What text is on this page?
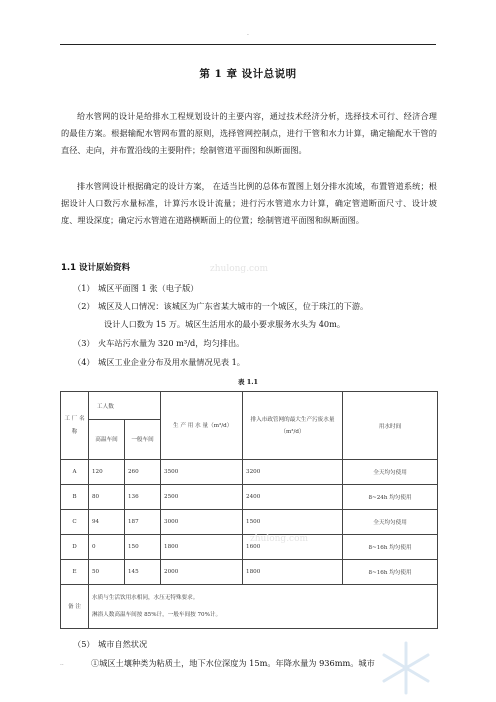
.
第 1 章 设计总说明
给水管网的设计是给排水工程规划设计的主要内容，通过技术经济分析，选择技术可行、经济合理的最佳方案。根据输配水管网布置的原则，选择管网控制点，进行干管和水力计算，确定输配水干管的直径、走向，并布置沿线的主要附件；绘制管道平面图和纵断面图。
排水管网设计根据确定的设计方案， 在适当比例的总体布置图上划分排水流域，布置管道系统；根据设计人口数污水量标准，计算污水设计流量；进行污水管道水力计算，确定管道断面尺寸、设计坡度、埋设深度；确定污水管道在道路横断面上的位置；绘制管道平面图和纵断面图。
1.1 设计原始资料
（1） 城区平面图 1 张（电子版）
（2） 城区及人口情况：该城区为广东省某大城市的一个城区，位于珠江的下游。
设计人口数为 15 万。城区生活用水的最小要求服务水头为 40m。
（3） 火车站污水量为 320 m³/d，均匀排出。
（4） 城区工业企业分布及用水量情况见表 1。
表 1.1
工 厂 名 称	工人数		生 产 用 水 量（m³/d）	排入市政管网的最大生产污废水量（m³/d）	用水时间
	高温车间	一般车间			
A	120	260	3500	3200	全天均匀使用
B	80	136	2500	2400	8~24h 均匀使用
C	94	187	3000	1500	全天均匀使用
D	0	150	1800	1600	8~16h 均匀使用
E	50	145	2000	1800	8~16h 均匀使用
备 注	水质与生活饮用水相同，水压无特殊要求。
淋浴人数高温车间按 85%计，一般车间按 70%计。				
（5） 城市自然状况
①城区土壤种类为粘质土，地下水位深度为 15m。年降水量为 936mm。城市
..
zhulong.com
zhulong.com
